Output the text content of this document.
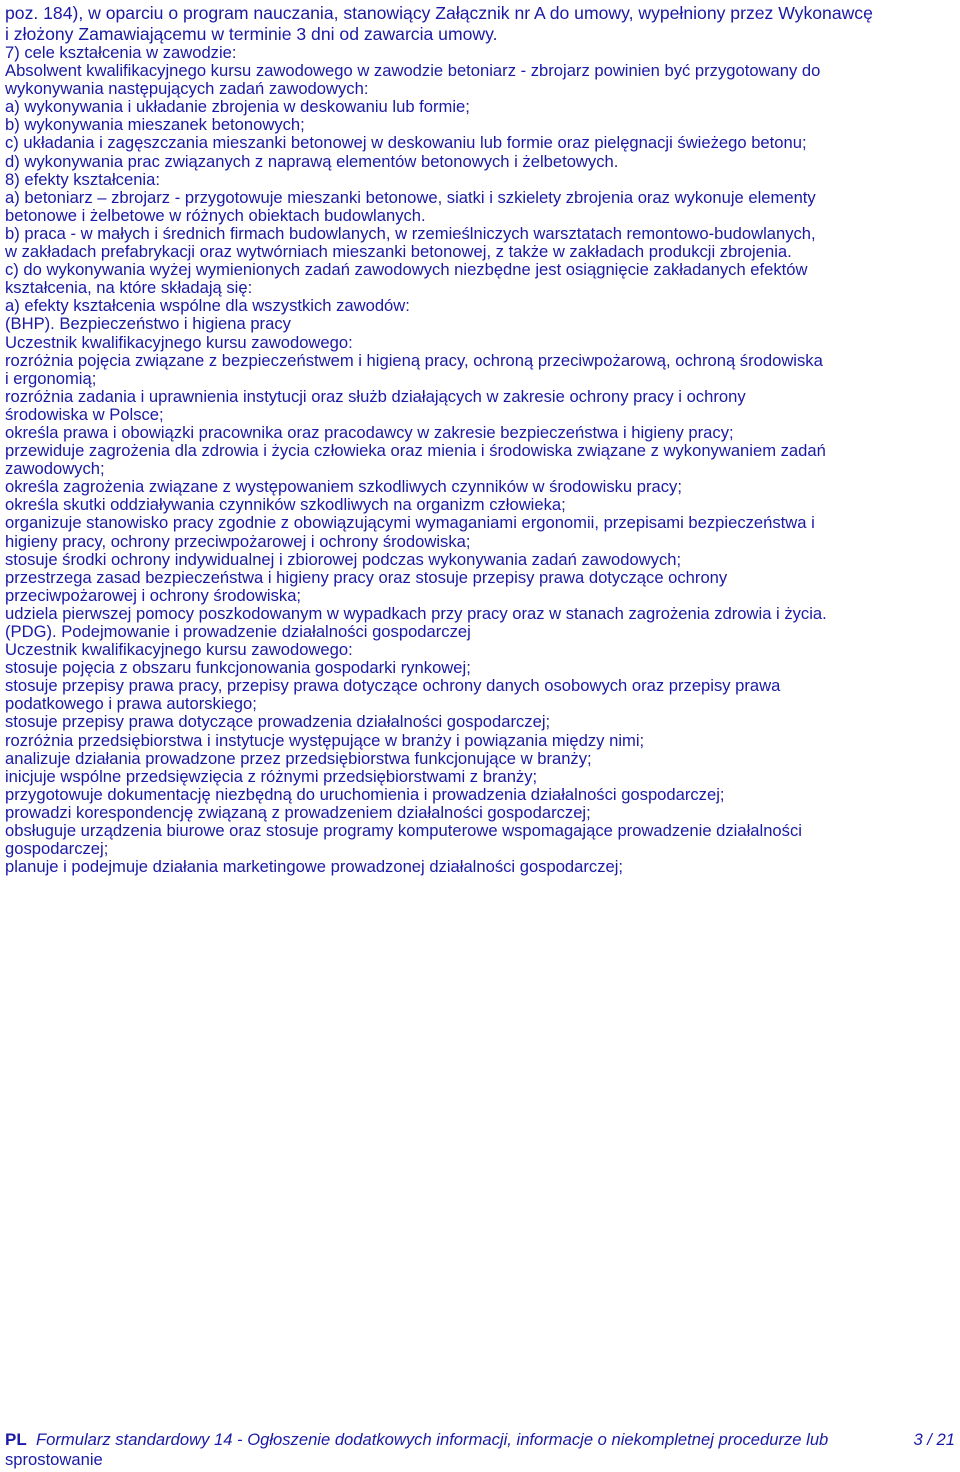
poz. 184), w oparciu o program nauczania, stanowiący Załącznik nr A do umowy, wypełniony przez Wykonawcę

i złożony Zamawiającemu w terminie 3 dni od zawarcia umowy.

7) cele kształcenia w zawodzie:

Absolwent kwalifikacyjnego kursu zawodowego w zawodzie betoniarz - zbrojarz powinien być przygotowany do

wykonywania następujących zadań zawodowych:

a) wykonywania i układanie zbrojenia w deskowaniu lub formie;

b) wykonywania mieszanek betonowych;

c) układania i zagęszczania mieszanki betonowej w deskowaniu lub formie oraz pielęgnacji świeżego betonu;

d) wykonywania prac związanych z naprawą elementów betonowych i żelbetowych.

8) efekty kształcenia:

a) betoniarz – zbrojarz - przygotowuje mieszanki betonowe, siatki i szkielety zbrojenia oraz wykonuje elementy

betonowe i żelbetowe w różnych obiektach budowlanych.

b) praca - w małych i średnich firmach budowlanych, w rzemieślniczych warsztatach remontowo-budowlanych,

w zakładach prefabrykacji oraz wytwórniach mieszanki betonowej, z także w zakładach produkcji zbrojenia.

c) do wykonywania wyżej wymienionych zadań zawodowych niezbędne jest osiągnięcie zakładanych efektów

kształcenia, na które składają się:

a) efekty kształcenia wspólne dla wszystkich zawodów:

(BHP). Bezpieczeństwo i higiena pracy

Uczestnik kwalifikacyjnego kursu zawodowego:

rozróżnia pojęcia związane z bezpieczeństwem i higieną pracy, ochroną przeciwpożarową, ochroną środowiska

i ergonomią;

rozróżnia zadania i uprawnienia instytucji oraz służb działających w zakresie ochrony pracy i ochrony

środowiska w Polsce;

określa prawa i obowiązki pracownika oraz pracodawcy w zakresie bezpieczeństwa i higieny pracy;

przewiduje zagrożenia dla zdrowia i życia człowieka oraz mienia i środowiska związane z wykonywaniem zadań

zawodowych;

określa zagrożenia związane z występowaniem szkodliwych czynników w środowisku pracy;

określa skutki oddziaływania czynników szkodliwych na organizm człowieka;

organizuje stanowisko pracy zgodnie z obowiązującymi wymaganiami ergonomii, przepisami bezpieczeństwa i

higieny pracy, ochrony przeciwpożarowej i ochrony środowiska;

stosuje środki ochrony indywidualnej i zbiorowej podczas wykonywania zadań zawodowych;

przestrzega zasad bezpieczeństwa i higieny pracy oraz stosuje przepisy prawa dotyczące ochrony

przeciwpożarowej i ochrony środowiska;

udziela pierwszej pomocy poszkodowanym w wypadkach przy pracy oraz w stanach zagrożenia zdrowia i życia.

(PDG). Podejmowanie i prowadzenie działalności gospodarczej

Uczestnik kwalifikacyjnego kursu zawodowego:

stosuje pojęcia z obszaru funkcjonowania gospodarki rynkowej;

stosuje przepisy prawa pracy, przepisy prawa dotyczące ochrony danych osobowych oraz przepisy prawa

podatkowego i prawa autorskiego;

stosuje przepisy prawa dotyczące prowadzenia działalności gospodarczej;

rozróżnia przedsiębiorstwa i instytucje występujące w branży i powiązania między nimi;

analizuje działania prowadzone przez przedsiębiorstwa funkcjonujące w branży;

inicjuje wspólne przedsięwzięcia z różnymi przedsiębiorstwami z branży;

przygotowuje dokumentację niezbędną do uruchomienia i prowadzenia działalności gospodarczej;

prowadzi korespondencję związaną z prowadzeniem działalności gospodarczej;

obsługuje urządzenia biurowe oraz stosuje programy komputerowe wspomagające prowadzenie działalności

gospodarczej;

planuje i podejmuje działania marketingowe prowadzonej działalności gospodarczej;

PL Formularz standardowy 14 - Ogłoszenie dodatkowych informacji, informacje o niekompletnej procedurze lub
sprostowanie
3 / 21
